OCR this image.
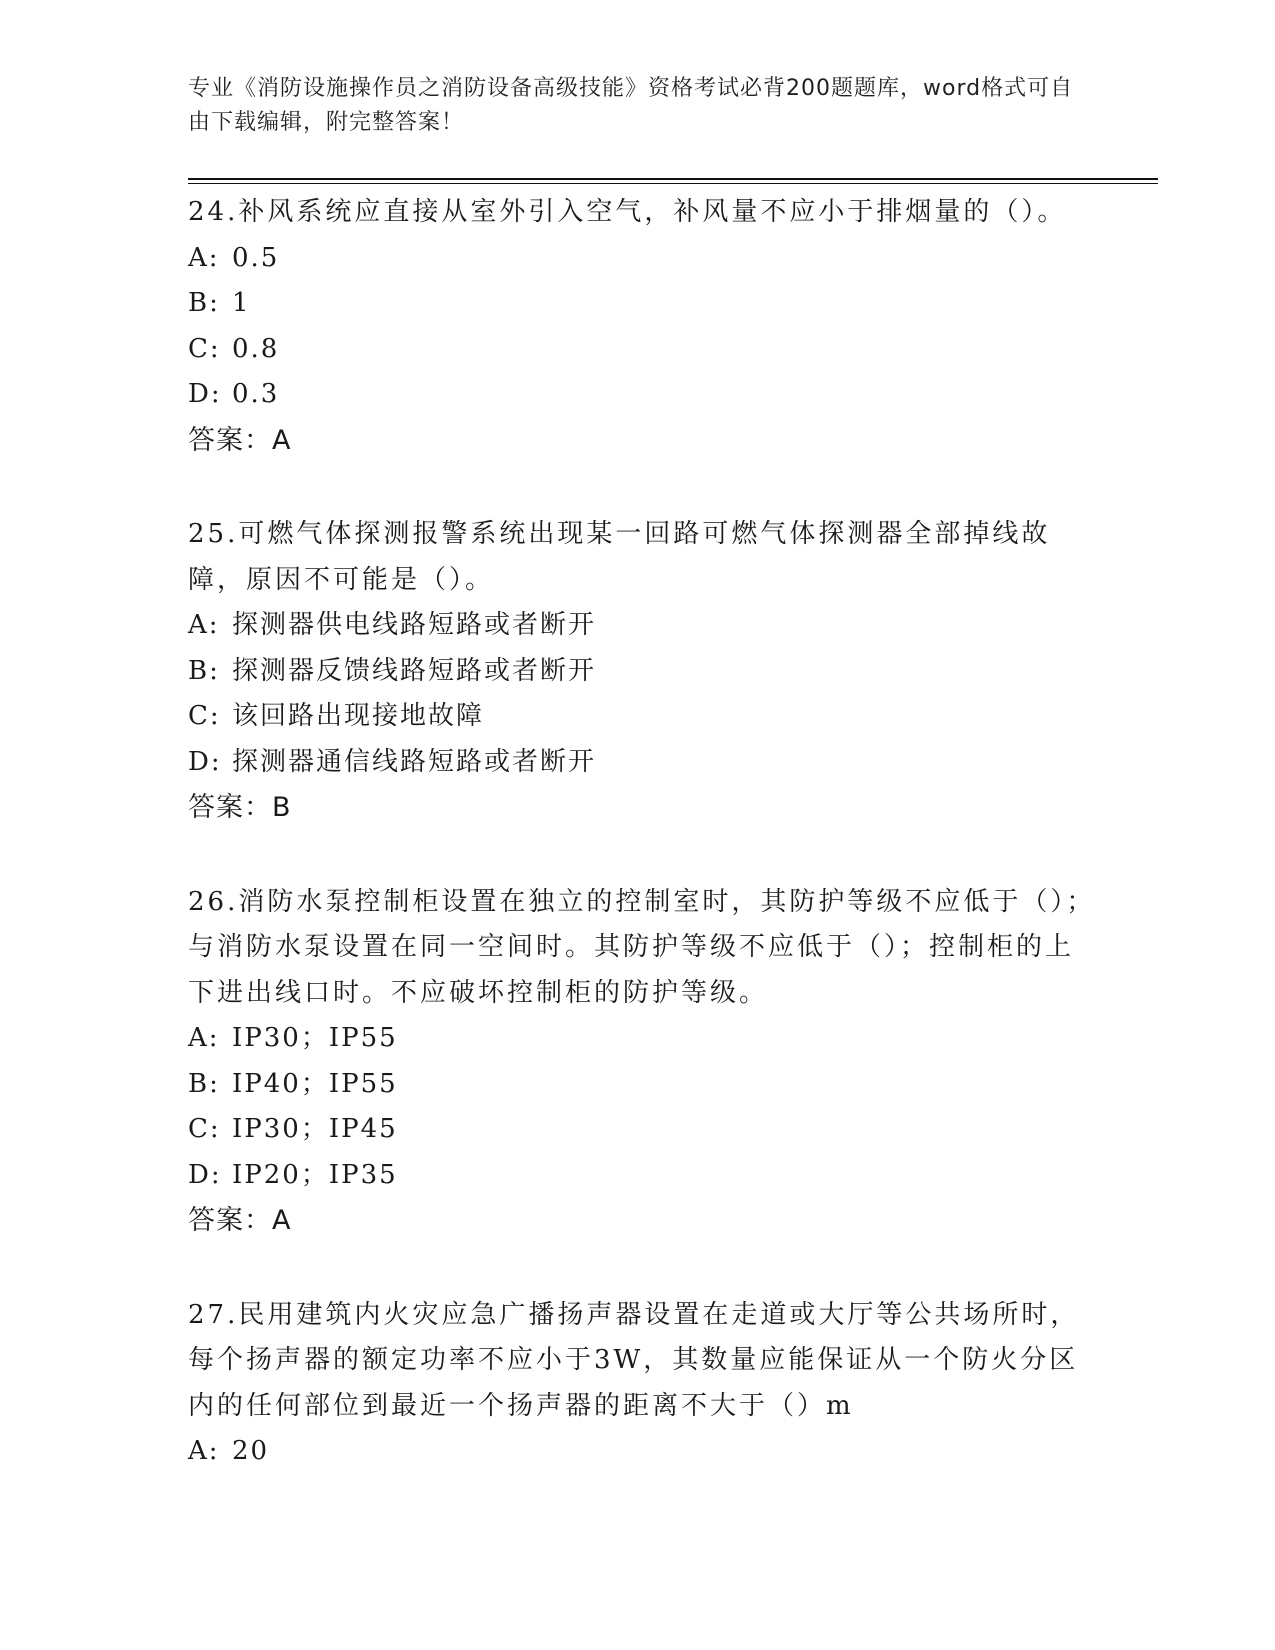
专业《消防设施操作员之消防设备高级技能》资格考试必背200题题库，word格式可自由下载编辑，附完整答案！
24.补风系统应直接从室外引入空气，补风量不应小于排烟量的（）。
A: 0.5
B: 1
C: 0.8
D: 0.3
答案：A
25.可燃气体探测报警系统出现某一回路可燃气体探测器全部掉线故障，原因不可能是（）。
A: 探测器供电线路短路或者断开
B: 探测器反馈线路短路或者断开
C: 该回路出现接地故障
D: 探测器通信线路短路或者断开
答案：B
26.消防水泵控制柜设置在独立的控制室时，其防护等级不应低于（）；与消防水泵设置在同一空间时。其防护等级不应低于（）；控制柜的上下进出线口时。不应破坏控制柜的防护等级。
A: IP30；IP55
B: IP40；IP55
C: IP30；IP45
D: IP20；IP35
答案：A
27.民用建筑内火灾应急广播扬声器设置在走道或大厅等公共场所时，每个扬声器的额定功率不应小于3W，其数量应能保证从一个防火分区内的任何部位到最近一个扬声器的距离不大于（）m
A: 20
